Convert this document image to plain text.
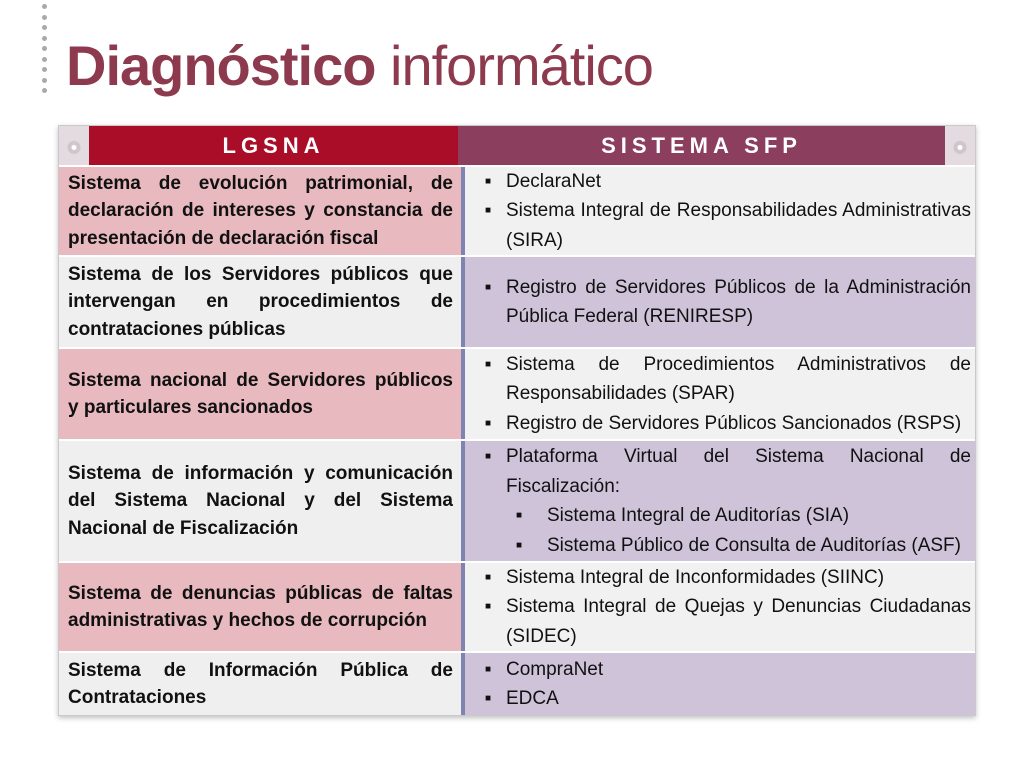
Diagnóstico informático
LGSNA	SISTEMA SFP
Sistema de evolución patrimonial, de declaración de intereses y constancia de presentación de declaración fiscal
■ DeclaraNet
■ Sistema Integral de Responsabilidades Administrativas (SIRA)
Sistema de los Servidores públicos que intervengan en procedimientos de contrataciones públicas
■ Registro de Servidores Públicos de la Administración Pública Federal (RENIRESP)
Sistema nacional de Servidores públicos y particulares sancionados
■ Sistema de Procedimientos Administrativos de Responsabilidades (SPAR)
■ Registro de Servidores Públicos Sancionados (RSPS)
Sistema de información y comunicación del Sistema Nacional y del Sistema Nacional de Fiscalización
■ Plataforma Virtual del Sistema Nacional de Fiscalización:
■ Sistema Integral de Auditorías (SIA)
■ Sistema Público de Consulta de Auditorías (ASF)
Sistema de denuncias públicas de faltas administrativas y hechos de corrupción
■ Sistema Integral de Inconformidades (SIINC)
■ Sistema Integral de Quejas y Denuncias Ciudadanas (SIDEC)
Sistema de Información Pública de Contrataciones
■ CompraNet
■ EDCA
